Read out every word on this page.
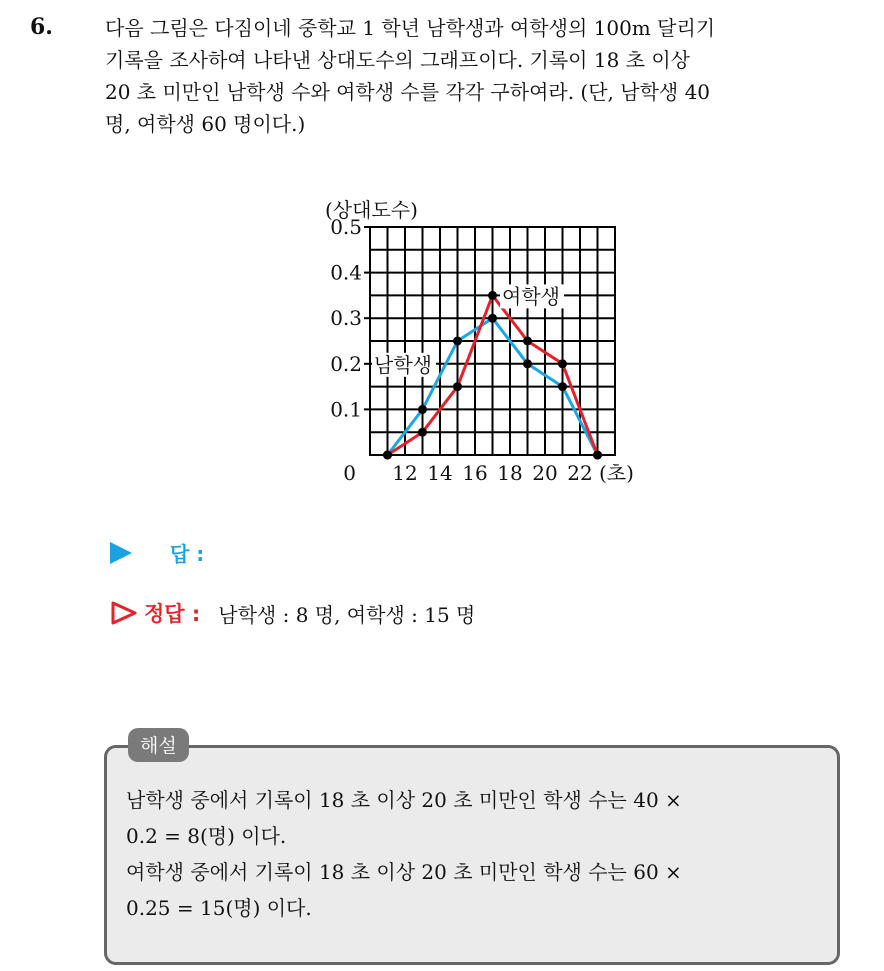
6.	다음 그림은 다짐이네 중학교 1 학년 남학생과 여학생의 100m 달리기
기록을 조사하여 나타낸 상대도수의 그래프이다. 기록이 18 초 이상
20 초 미만인 남학생 수와 여학생 수를 각각 구하여라. (단, 남학생 40
명, 여학생 60 명이다.)
0.1
0.2
0.3
0.4
0.5
12 14 16 18 20 22
0
(상대도수)
(초)
여학생
남학생
답 :
정답 : 남학생 : 8 명, 여학생 : 15 명
해설
남학생 중에서 기록이 18 초 이상 20 초 미만인 학생 수는 40 ×
0.2 = 8(명) 이다.
여학생 중에서 기록이 18 초 이상 20 초 미만인 학생 수는 60 ×
0.25 = 15(명) 이다.
